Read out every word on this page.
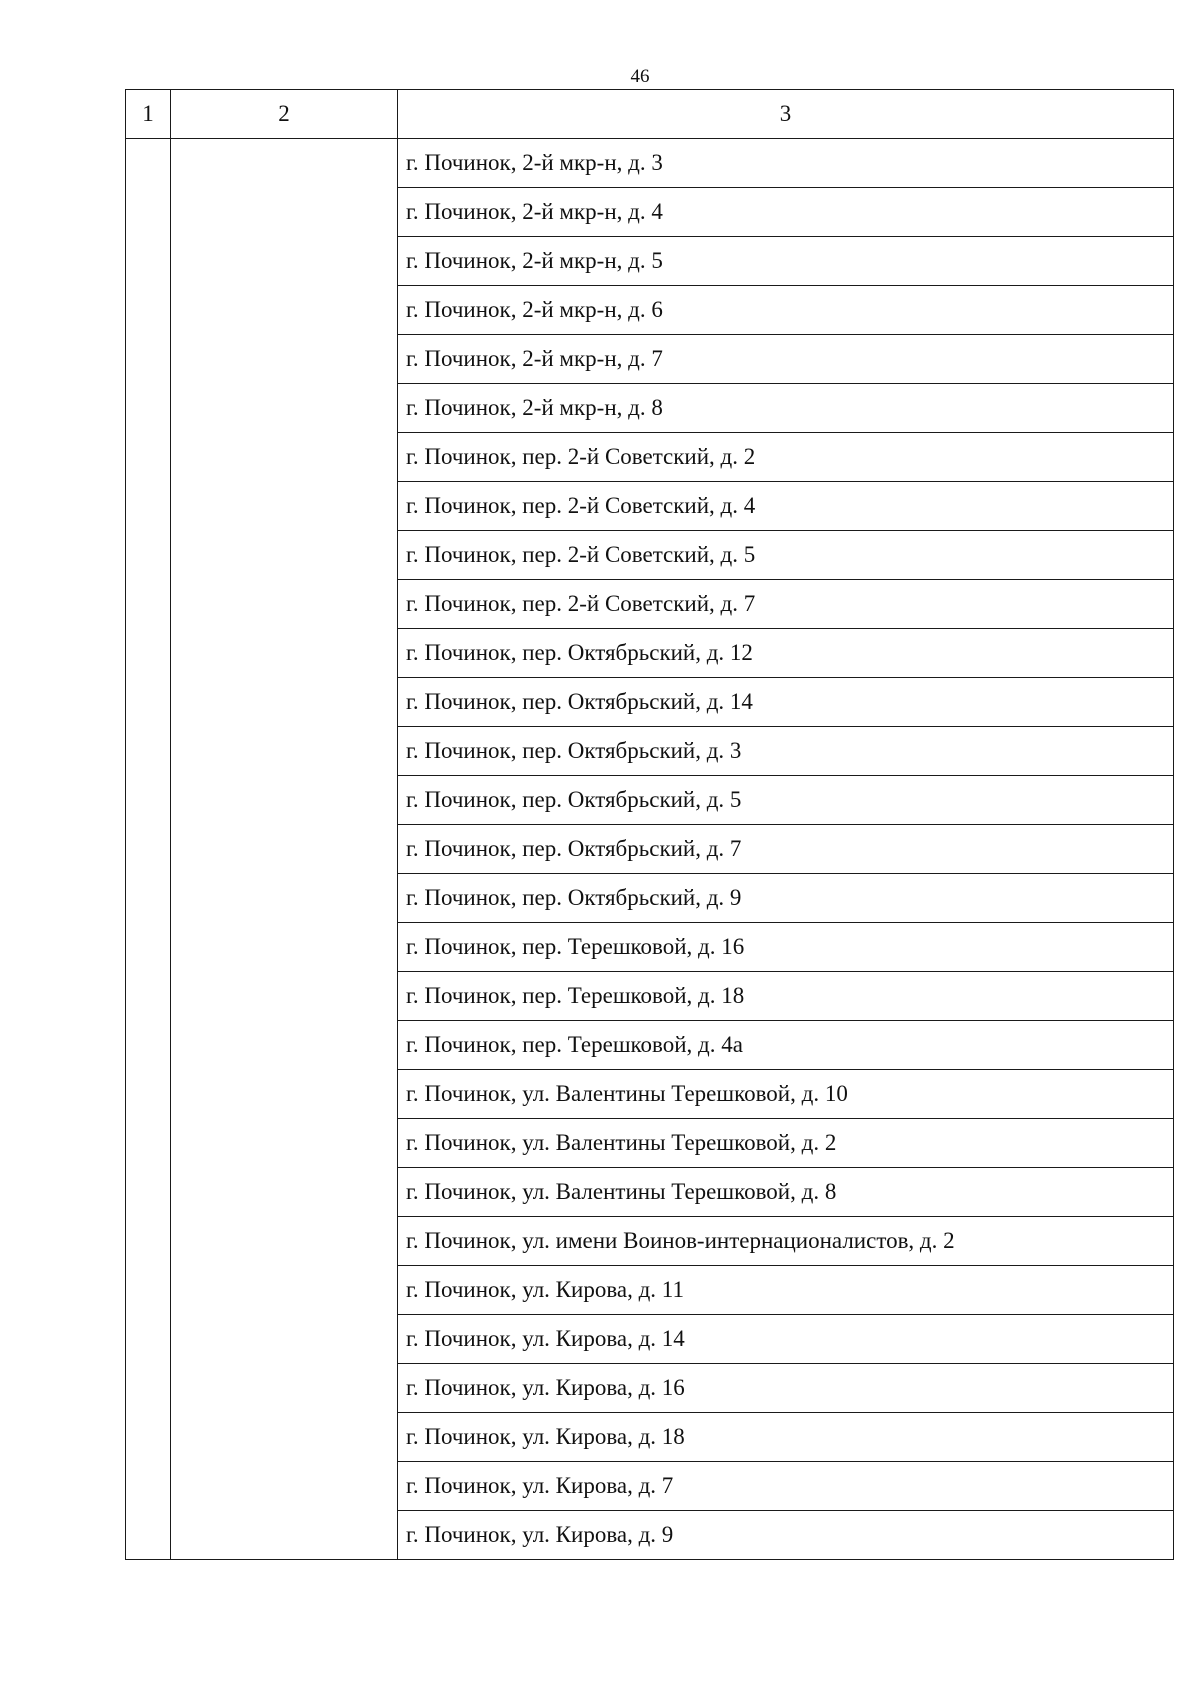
46
1	2	3
		г. Починок, 2-й мкр-н, д. 3
		г. Починок, 2-й мкр-н, д. 4
		г. Починок, 2-й мкр-н, д. 5
		г. Починок, 2-й мкр-н, д. 6
		г. Починок, 2-й мкр-н, д. 7
		г. Починок, 2-й мкр-н, д. 8
		г. Починок, пер. 2-й Советский, д. 2
		г. Починок, пер. 2-й Советский, д. 4
		г. Починок, пер. 2-й Советский, д. 5
		г. Починок, пер. 2-й Советский, д. 7
		г. Починок, пер. Октябрьский, д. 12
		г. Починок, пер. Октябрьский, д. 14
		г. Починок, пер. Октябрьский, д. 3
		г. Починок, пер. Октябрьский, д. 5
		г. Починок, пер. Октябрьский, д. 7
		г. Починок, пер. Октябрьский, д. 9
		г. Починок, пер. Терешковой, д. 16
		г. Починок, пер. Терешковой, д. 18
		г. Починок, пер. Терешковой, д. 4а
		г. Починок, ул. Валентины Терешковой, д. 10
		г. Починок, ул. Валентины Терешковой, д. 2
		г. Починок, ул. Валентины Терешковой, д. 8
		г. Починок, ул. имени Воинов-интернационалистов, д. 2
		г. Починок, ул. Кирова, д. 11
		г. Починок, ул. Кирова, д. 14
		г. Починок, ул. Кирова, д. 16
		г. Починок, ул. Кирова, д. 18
		г. Починок, ул. Кирова, д. 7
		г. Починок, ул. Кирова, д. 9
